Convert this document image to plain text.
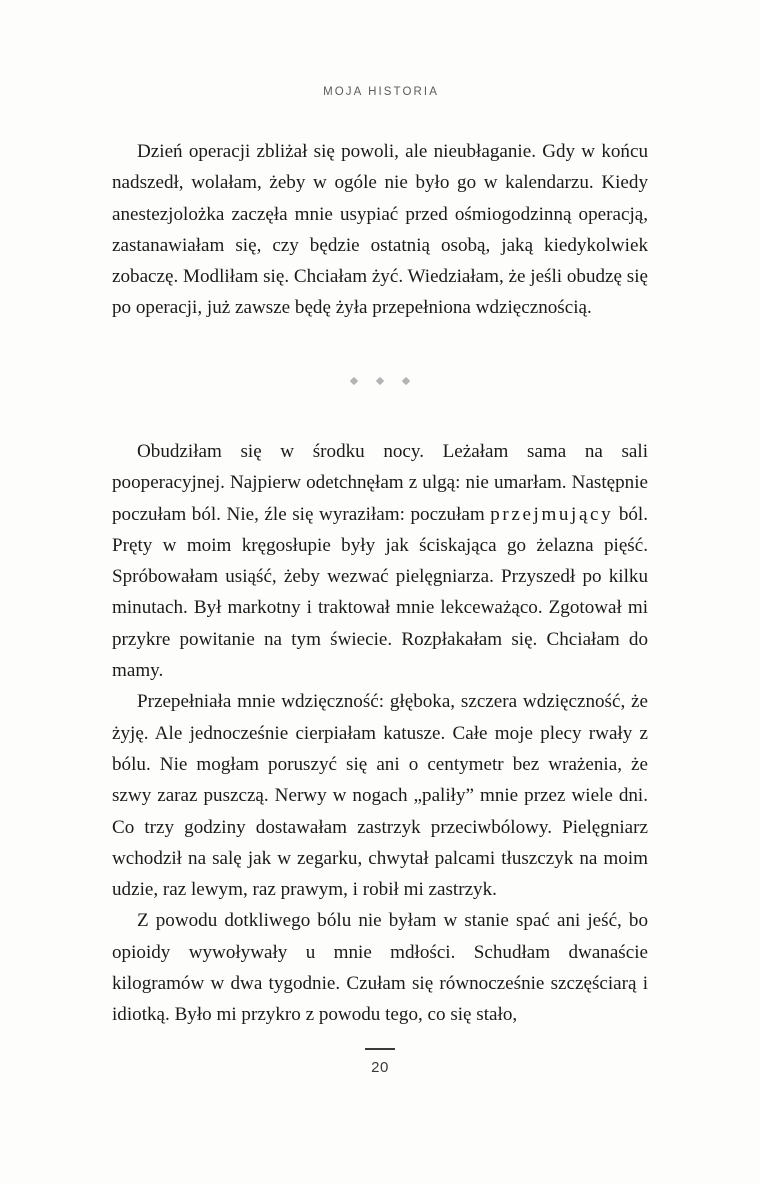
MOJA HISTORIA

Dzień operacji zbliżał się powoli, ale nieubłaganie. Gdy w końcu nadszedł, wolałam, żeby w ogóle nie było go w kalendarzu. Kiedy anestezjolożka zaczęła mnie usypiać przed ośmiogodzinną operacją, zastanawiałam się, czy będzie ostatnią osobą, jaką kiedykolwiek zobaczę. Modliłam się. Chciałam żyć. Wiedziałam, że jeśli obudzę się po operacji, już zawsze będę żyła przepełniona wdzięcznością.

Obudziłam się w środku nocy. Leżałam sama na sali pooperacyjnej. Najpierw odetchnęłam z ulgą: nie umarłam. Następnie poczułam ból. Nie, źle się wyraziłam: poczułam przejmujący ból. Pręty w moim kręgosłupie były jak ściskająca go żelazna pięść. Spróbowałam usiąść, żeby wezwać pielęgniarza. Przyszedł po kilku minutach. Był markotny i traktował mnie lekceważąco. Zgotował mi przykre powitanie na tym świecie. Rozpłakałam się. Chciałam do mamy.

Przepełniała mnie wdzięczność: głęboka, szczera wdzięczność, że żyję. Ale jednocześnie cierpiałam katusze. Całe moje plecy rwały z bólu. Nie mogłam poruszyć się ani o centymetr bez wrażenia, że szwy zaraz puszczą. Nerwy w nogach „paliły” mnie przez wiele dni. Co trzy godziny dostawałam zastrzyk przeciwbólowy. Pielęgniarz wchodził na salę jak w zegarku, chwytał palcami tłuszczyk na moim udzie, raz lewym, raz prawym, i robił mi zastrzyk.

Z powodu dotkliwego bólu nie byłam w stanie spać ani jeść, bo opioidy wywoływały u mnie mdłości. Schudłam dwanaście kilogramów w dwa tygodnie. Czułam się równocześnie szczęściarą i idiotką. Było mi przykro z powodu tego, co się stało,

20
